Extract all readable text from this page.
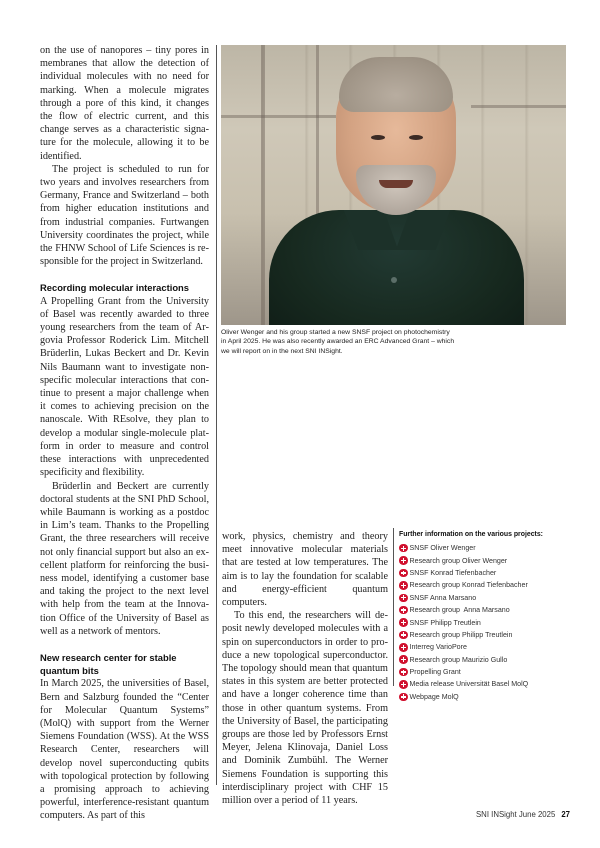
on the use of nanopores – tiny pores in membranes that allow the detection of individual molecules with no need for marking. When a molecule migrates through a pore of this kind, it changes the flow of electric current, and this change serves as a characteristic signature for the molecule, allowing it to be identified.

The project is scheduled to run for two years and involves researchers from Germany, France and Switzerland – both from higher education institutions and from industrial companies. Furtwangen University coordinates the project, while the FHNW School of Life Sciences is responsible for the project in Switzerland.

Recording molecular interactions

A Propelling Grant from the University of Basel was recently awarded to three young researchers from the team of Argovia Professor Roderick Lim. Mitchell Brüderlin, Lukas Beckert and Dr. Kevin Nils Baumann want to investigate nonspecific molecular interactions that continue to present a major challenge when it comes to achieving precision on the nanoscale. With REsolve, they plan to develop a modular single-molecule platform in order to measure and control these interactions with unprecedented specificity and flexibility.

Brüderlin and Beckert are currently doctoral students at the SNI PhD School, while Baumann is working as a postdoc in Lim’s team. Thanks to the Propelling Grant, the three researchers will receive not only financial support but also an excellent platform for reinforcing the business model, identifying a customer base and taking the project to the next level with help from the team at the Innovation Office of the University of Basel as well as a network of mentors.

New research center for stable quantum bits

In March 2025, the universities of Basel, Bern and Salzburg founded the “Center for Molecular Quantum Systems” (MolQ) with support from the Werner Siemens Foundation (WSS). At the WSS Research Center, researchers will develop novel superconducting qubits with topological protection by following a promising approach to achieving powerful, interference-resistant quantum computers. As part of this

Oliver Wenger and his group started a new SNSF project on photochemistry
in April 2025. He was also recently awarded an ERC Advanced Grant – which
we will report on in the next SNI INSight.

work, physics, chemistry and theory meet innovative molecular materials that are tested at low temperatures. The aim is to lay the foundation for scalable and energy-efficient quantum computers.

To this end, the researchers will deposit newly developed molecules with a spin on superconductors in order to produce a new topological superconductor. The topology should mean that quantum states in this system are better protected and have a longer coherence time than those in other quantum systems. From the University of Basel, the participating groups are those led by Professors Ernst Meyer, Jelena Klinovaja, Daniel Loss and Dominik Zumbühl. The Werner Siemens Foundation is supporting this interdisciplinary project with CHF 15 million over a period of 11 years.

Further information on the various projects:
SNSF Oliver Wenger
Research group Oliver Wenger
SNSF Konrad Tiefenbacher
Research group Konrad Tiefenbacher
SNSF Anna Marsano
Research group  Anna Marsano
SNSF Philipp Treutlein
Research group Philipp Treutlein
Interreg VarioPore
Research group Maurizio Gullo
Propelling Grant
Media release Universität Basel MolQ
Webpage MolQ
SNI INSight June 2025 27
